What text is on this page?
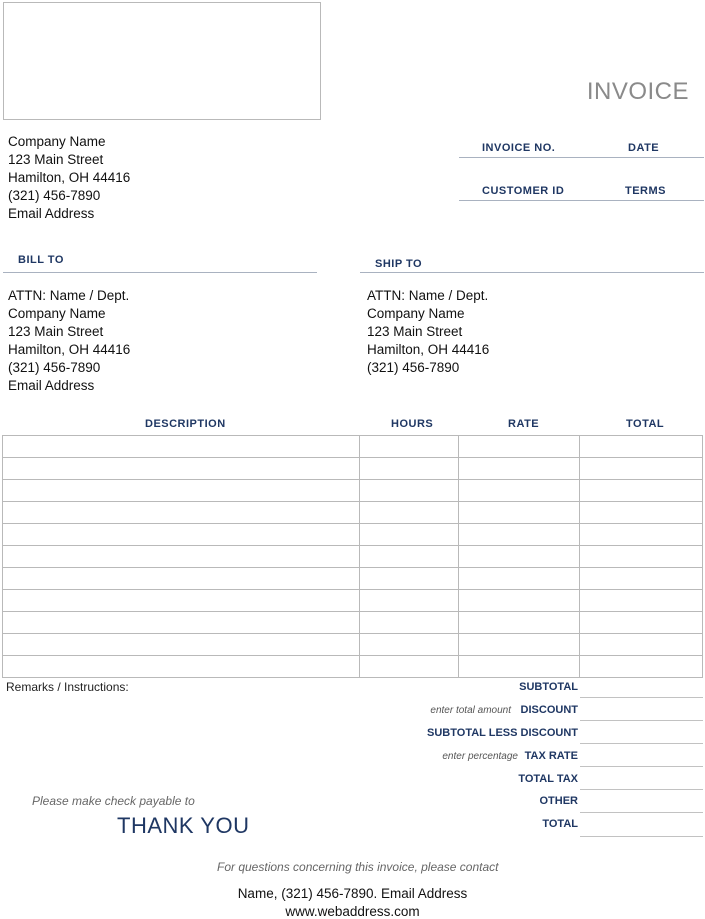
INVOICE
Company Name
123 Main Street
Hamilton, OH 44416
(321) 456-7890
Email Address
INVOICE NO.	DATE
CUSTOMER ID	TERMS
BILL TO	SHIP TO
ATTN: Name / Dept.
Company Name
123 Main Street
Hamilton, OH 44416
(321) 456-7890
Email Address
ATTN: Name / Dept.
Company Name
123 Main Street
Hamilton, OH 44416
(321) 456-7890
DESCRIPTION	HOURS	RATE	TOTAL

Remarks / Instructions:	SUBTOTAL
enter total amount DISCOUNT
SUBTOTAL LESS DISCOUNT
enter percentage TAX RATE
TOTAL TAX
OTHER
TOTAL
Please make check payable to
THANK YOU
For questions concerning this invoice, please contact
Name, (321) 456-7890. Email Address
www.webaddress.com
